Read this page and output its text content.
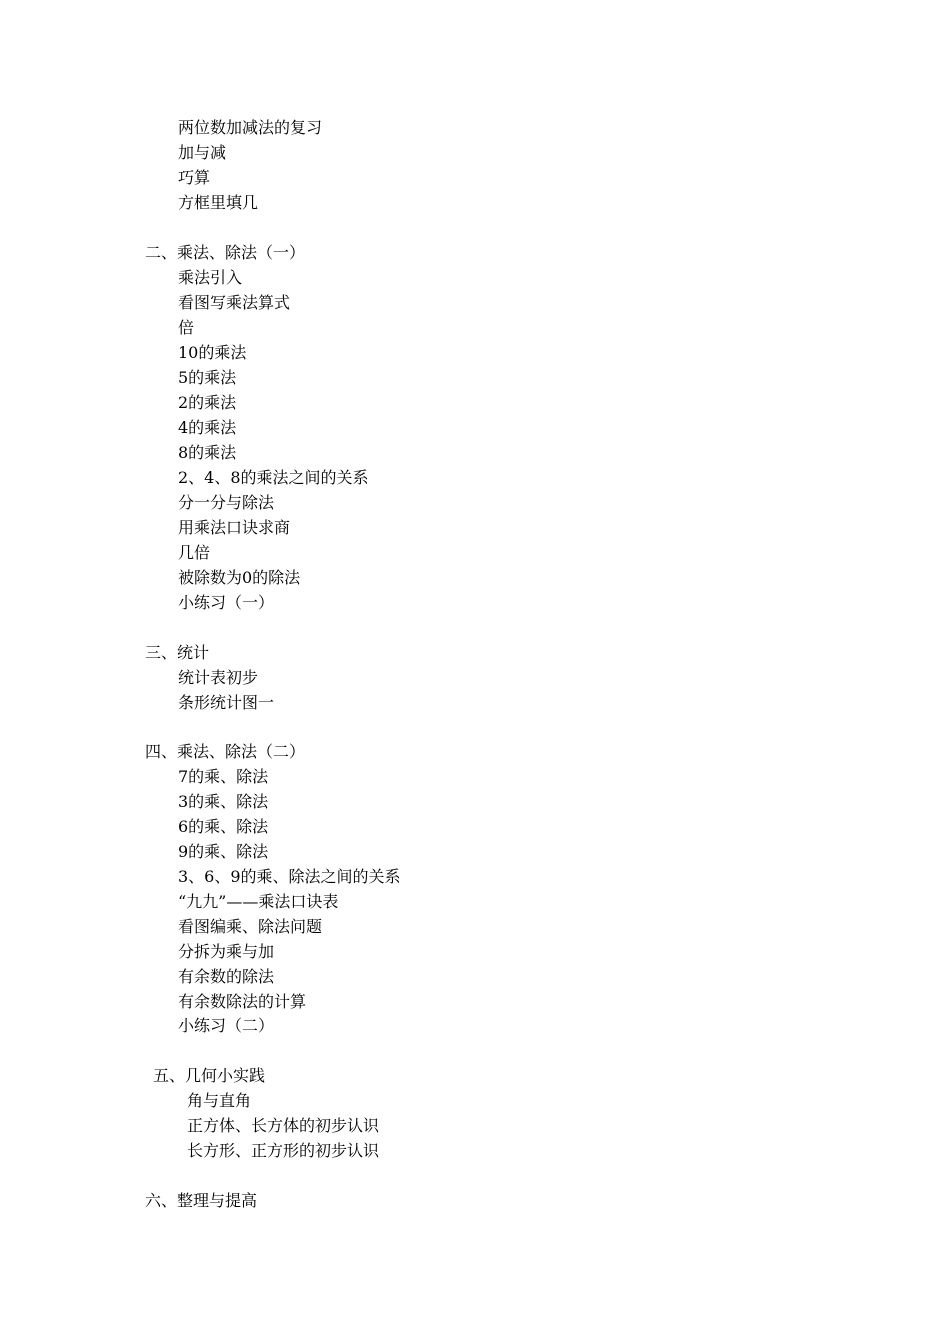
两位数加减法的复习
加与减
巧算
方框里填几
二、乘法、除法（一）
乘法引入
看图写乘法算式
倍
10的乘法
5的乘法
2的乘法
4的乘法
8的乘法
2、4、8的乘法之间的关系
分一分与除法
用乘法口诀求商
几倍
被除数为0的除法
小练习（一）
三、统计
统计表初步
条形统计图一
四、乘法、除法（二）
7的乘、除法
3的乘、除法
6的乘、除法
9的乘、除法
3、6、9的乘、除法之间的关系
“九九”——乘法口诀表
看图编乘、除法问题
分拆为乘与加
有余数的除法
有余数除法的计算
小练习（二）
五、几何小实践
角与直角
正方体、长方体的初步认识
长方形、正方形的初步认识
六、整理与提高
